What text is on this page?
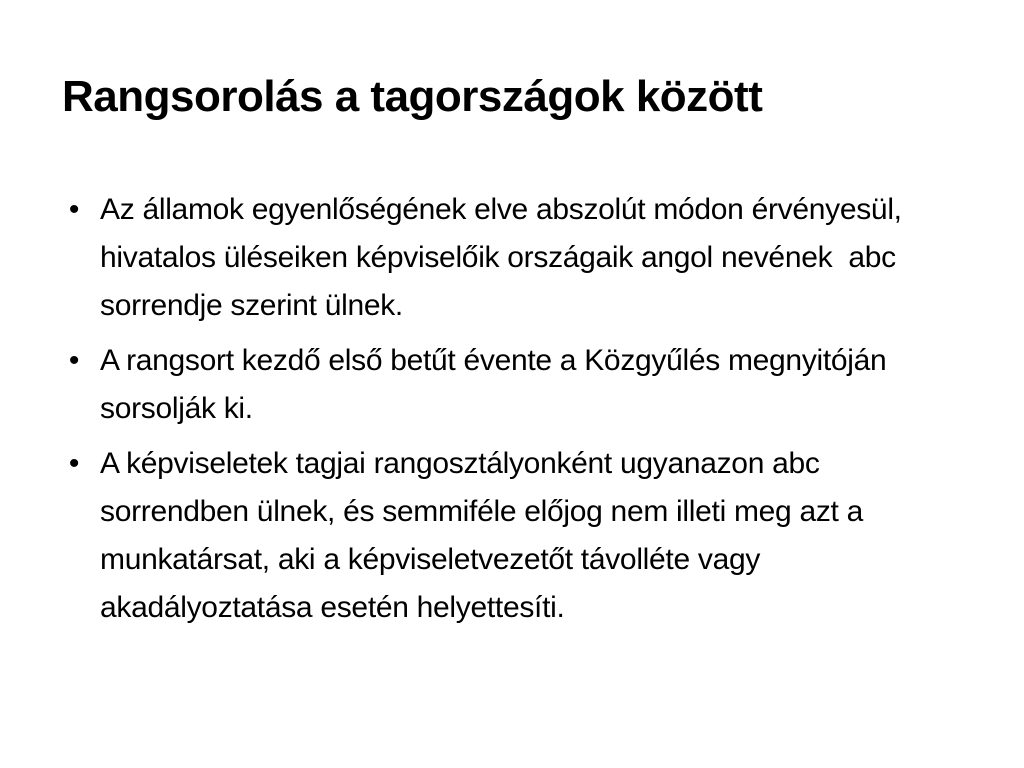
Rangsorolás a tagországok között
• Az államok egyenlőségének elve abszolút módon érvényesül, hivatalos üléseiken képviselőik országaik angol nevének  abc sorrendje szerint ülnek.
• A rangsort kezdő első betűt évente a Közgyűlés megnyitóján sorsolják ki.
• A képviseletek tagjai rangosztályonként ugyanazon abc sorrendben ülnek, és semmiféle előjog nem illeti meg azt a munkatársat, aki a képviseletvezetőt távolléte vagy akadályoztatása esetén helyettesíti.
